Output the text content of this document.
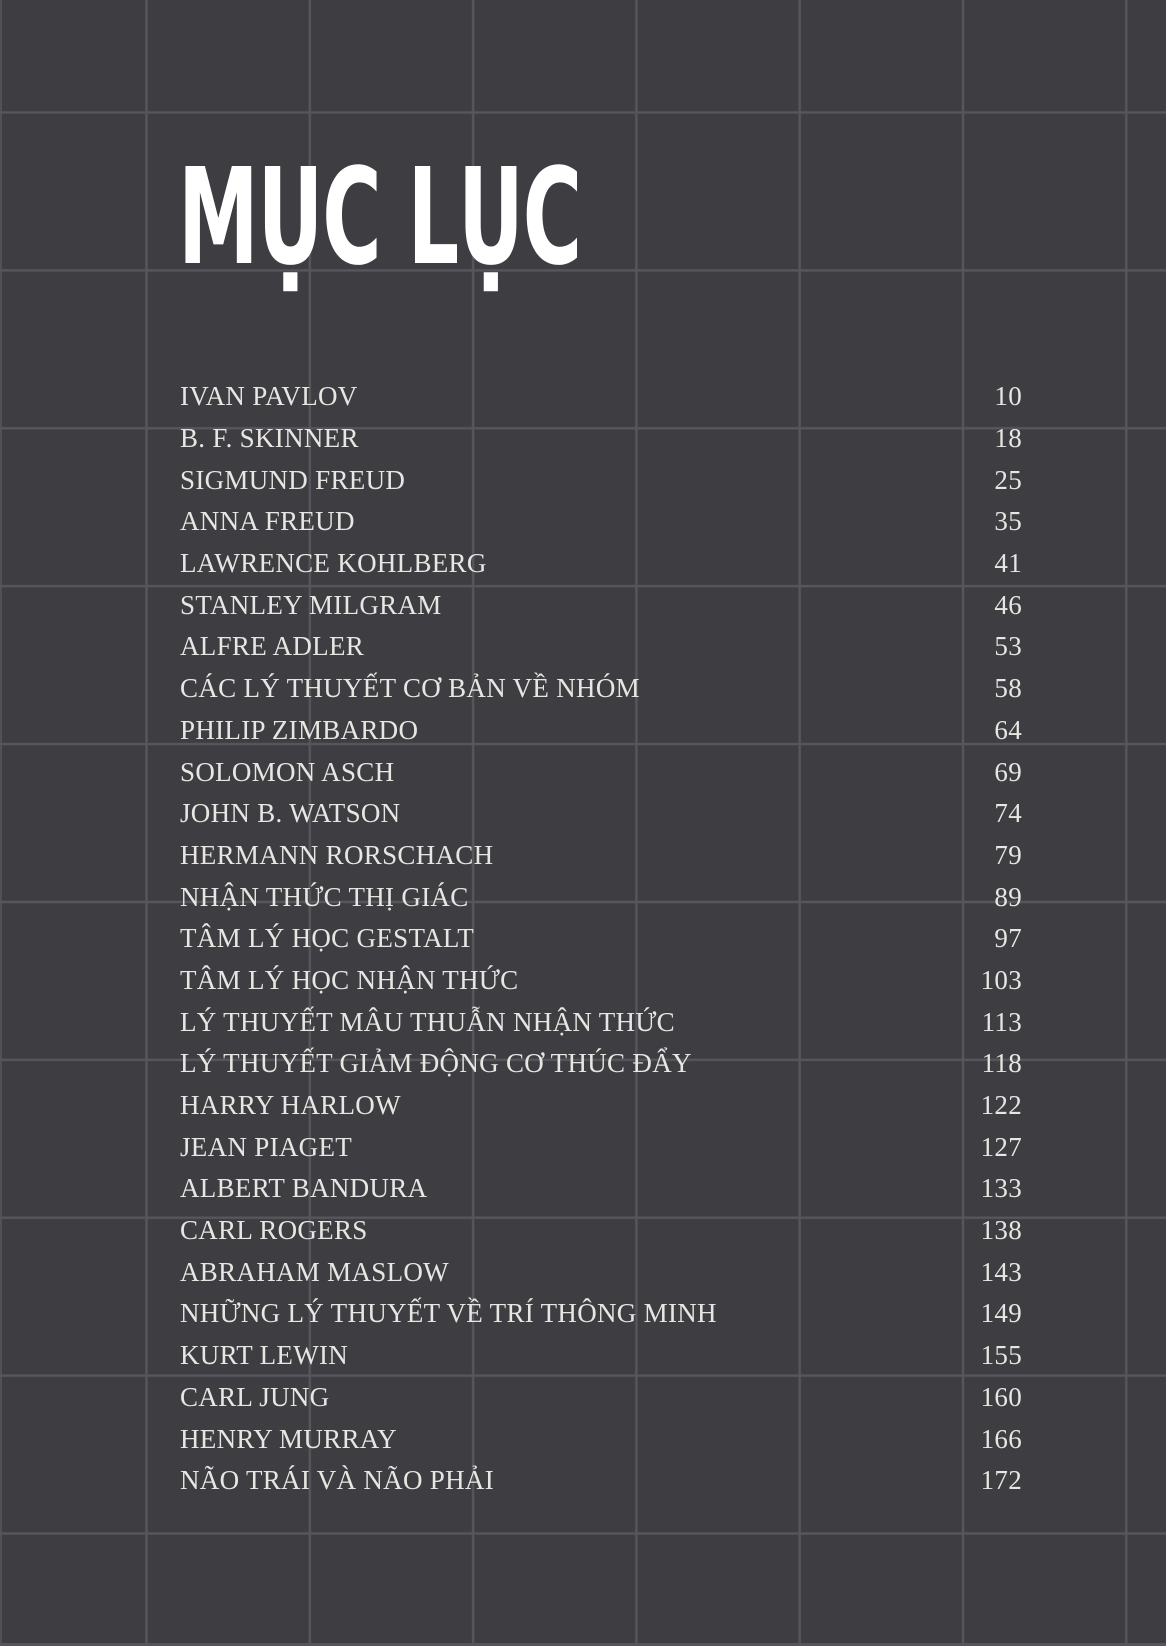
MỤC LỤC
IVAN PAVLOV	10
B. F. SKINNER	18
SIGMUND FREUD	25
ANNA FREUD	35
LAWRENCE KOHLBERG	41
STANLEY MILGRAM	46
ALFRE ADLER	53
CÁC LÝ THUYẾT CƠ BẢN VỀ NHÓM	58
PHILIP ZIMBARDO	64
SOLOMON ASCH	69
JOHN B. WATSON	74
HERMANN RORSCHACH	79
NHẬN THỨC THỊ GIÁC	89
TÂM LÝ HỌC GESTALT	97
TÂM LÝ HỌC NHẬN THỨC	103
LÝ THUYẾT MÂU THUẪN NHẬN THỨC	113
LÝ THUYẾT GIẢM ĐỘNG CƠ THÚC ĐẨY	118
HARRY HARLOW	122
JEAN PIAGET	127
ALBERT BANDURA	133
CARL ROGERS	138
ABRAHAM MASLOW	143
NHỮNG LÝ THUYẾT VỀ TRÍ THÔNG MINH	149
KURT LEWIN	155
CARL JUNG	160
HENRY MURRAY	166
NÃO TRÁI VÀ NÃO PHẢI	172
